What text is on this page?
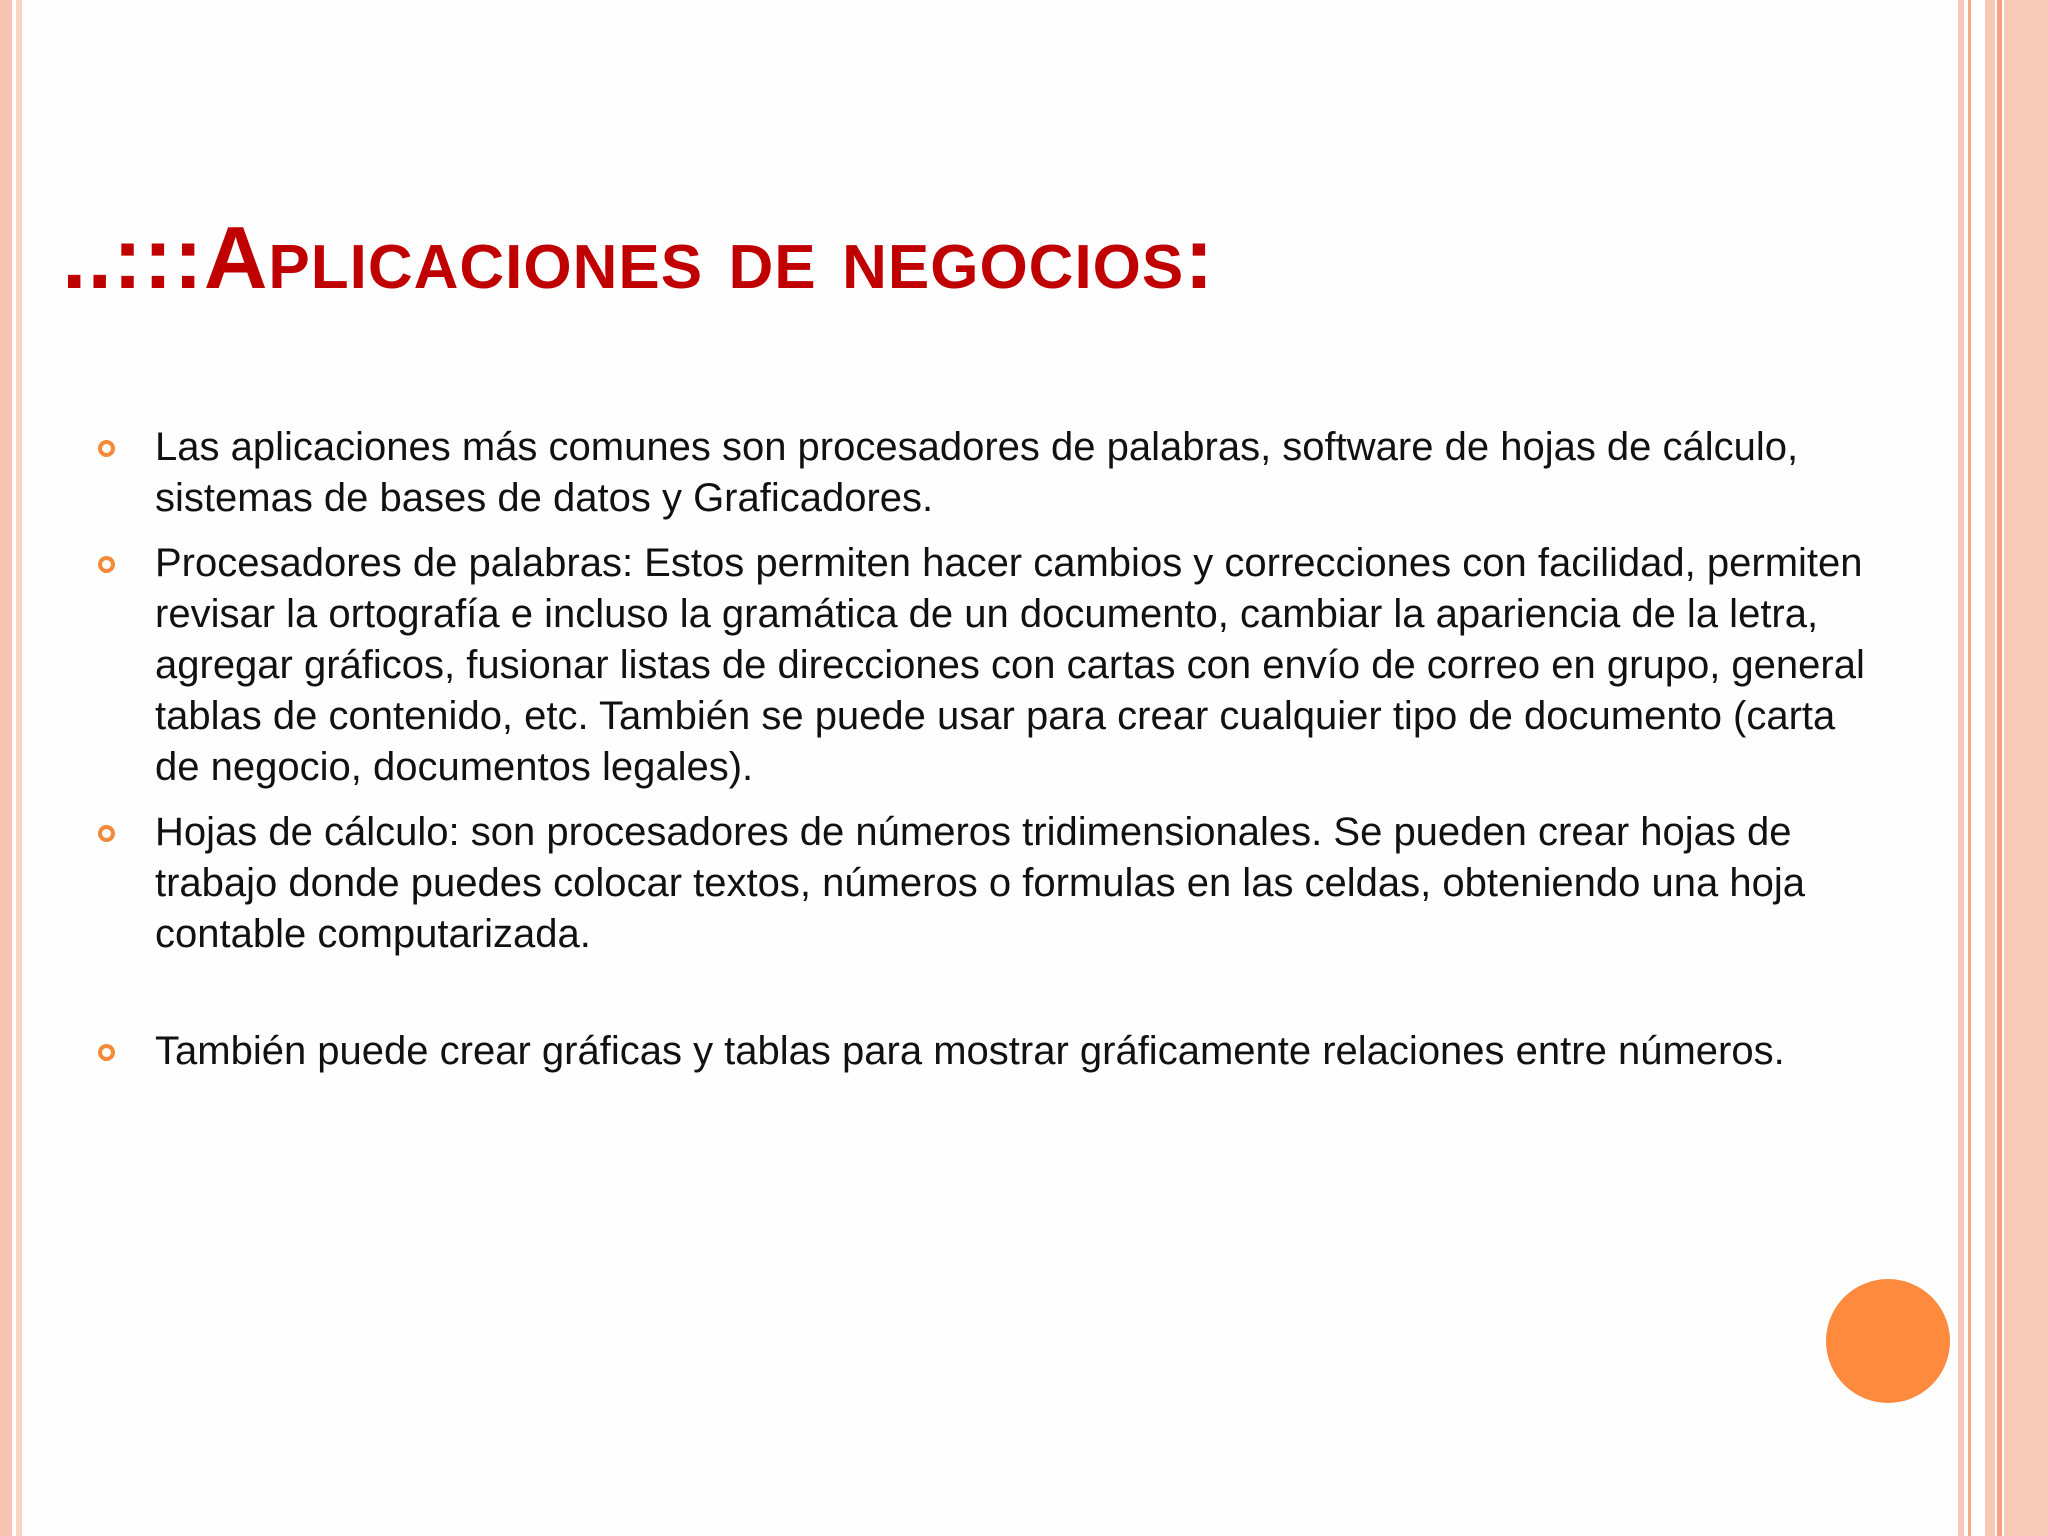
..:::Aplicaciones de negocios:
Las aplicaciones más comunes son procesadores de palabras, software de hojas de cálculo, sistemas de bases de datos y Graficadores.
Procesadores de palabras: Estos permiten hacer cambios y correcciones con facilidad, permiten revisar la ortografía e incluso la gramática de un documento, cambiar la apariencia de la letra, agregar gráficos, fusionar listas de direcciones con cartas con envío de correo en grupo, general tablas de contenido, etc. También se puede usar para crear cualquier tipo de documento (carta de negocio, documentos legales).
Hojas de cálculo: son procesadores de números tridimensionales. Se pueden crear hojas de trabajo donde puedes colocar textos, números o formulas en las celdas, obteniendo una hoja contable computarizada.
También puede crear gráficas y tablas para mostrar gráficamente relaciones entre números.
